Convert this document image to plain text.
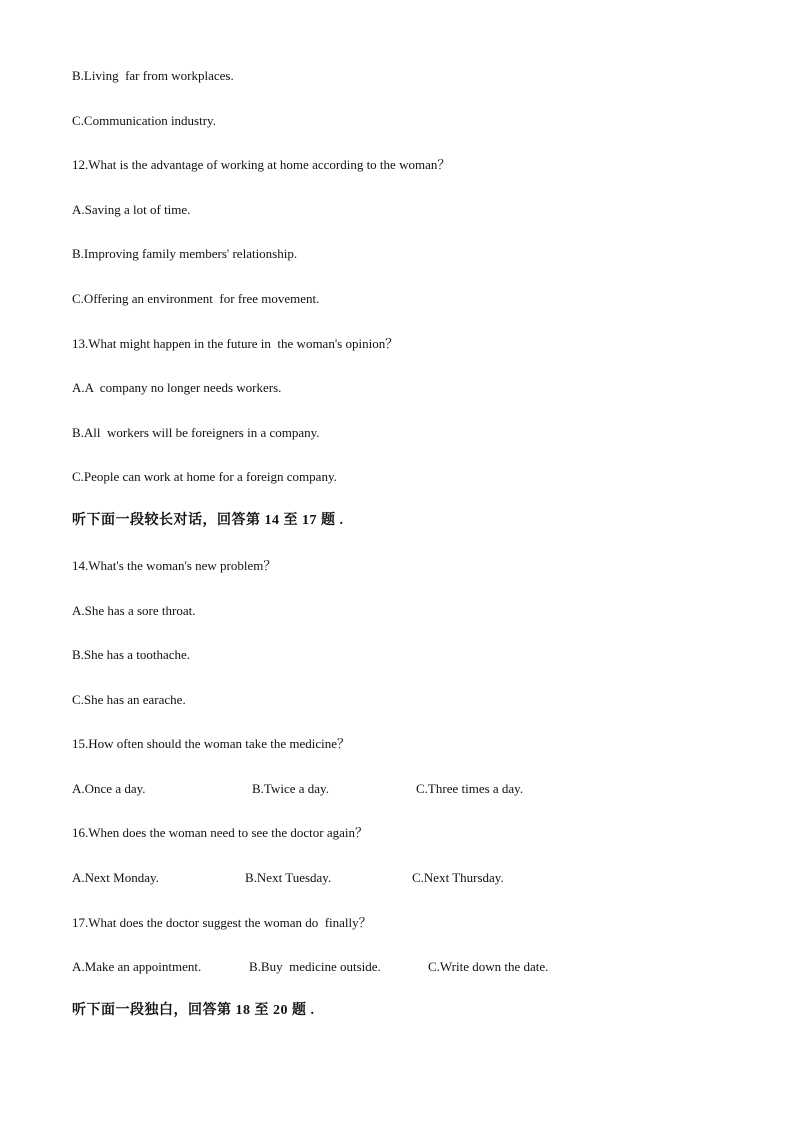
B.Living  far from workplaces.
C.Communication industry.
12.What is the advantage of working at home according to the woman？
A.Saving a lot of time.
B.Improving family members' relationship.
C.Offering an environment  for free movement.
13.What might happen in the future in  the woman's opinion？
A.A  company no longer needs workers.
B.All  workers will be foreigners in a company.
C.People can work at home for a foreign company.
听下面一段较长对话，回答第 14 至 17 题 .
14.What's the woman's new problem？
A.She has a sore throat.
B.She has a toothache.
C.She has an earache.
15.How often should the woman take the medicine？
A.Once a day.	B.Twice a day.	C.Three times a day.
16.When does the woman need to see the doctor again？
A.Next Monday.	B.Next Tuesday.	C.Next Thursday.
17.What does the doctor suggest the woman do  finally？
A.Make an appointment.	B.Buy  medicine outside.	C.Write down the date.
听下面一段独白，回答第 18 至 20 题 .
